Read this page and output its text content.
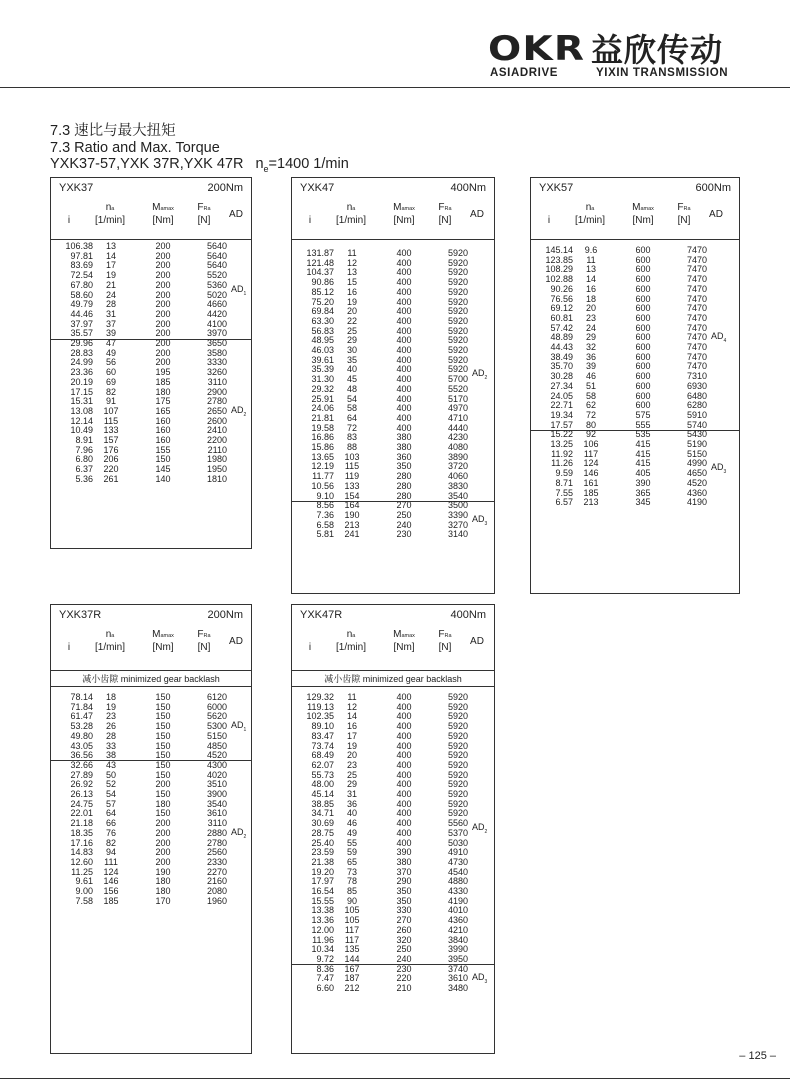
OKR 益欣传动
ASIADRIVE	YIXIN TRANSMISSION
7.3 速比与最大扭矩
7.3 Ratio and Max. Torque
YXK37-57,YXK 37R,YXK 47R $n_e=1400$ 1/min
YXK37	200Nm
i
na
[1/min]
Mamax
[Nm]
FRa
[N]
AD
106.38	13	200	5640
97.81	14	200	5640
83.69	17	200	5640
72.54	19	200	5520
67.80	21	200	5360
58.60	24	200	5020
49.79	28	200	4660
44.46	31	200	4420
37.97	37	200	4100
35.57	39	200	3970
$AD_1$
29.96	47	200	3650
28.83	49	200	3580
24.99	56	200	3330
23.36	60	195	3260
20.19	69	185	3110
17.15	82	180	2900
15.31	91	175	2780
13.08	107	165	2650
12.14	115	160	2600
10.49	133	160	2410
8.91	157	160	2200
7.96	176	155	2110
6.80	206	150	1980
6.37	220	145	1950
5.36	261	140	1810
$AD_2$
YXK47	400Nm
i
na
[1/min]
Mamax
[Nm]
FRa
[N]
AD
131.87	11	400	5920
121.48	12	400	5920
104.37	13	400	5920
90.86	15	400	5920
85.12	16	400	5920
75.20	19	400	5920
69.84	20	400	5920
63.30	22	400	5920
56.83	25	400	5920
48.95	29	400	5920
46.03	30	400	5920
39.61	35	400	5920
35.39	40	400	5920
31.30	45	400	5700
29.32	48	400	5520
25.91	54	400	5170
24.06	58	400	4970
21.81	64	400	4710
19.58	72	400	4440
16.86	83	380	4230
15.86	88	380	4080
13.65	103	360	3890
12.19	115	350	3720
11.77	119	280	4060
10.56	133	280	3830
9.10	154	280	3540
$AD_2$
8.56	164	270	3500
7.36	190	250	3390
6.58	213	240	3270
5.81	241	230	3140
$AD_3$
YXK57	600Nm
i
na
[1/min]
Mamax
[Nm]
FRa
[N]
AD
145.14	9.6	600	7470
123.85	11	600	7470
108.29	13	600	7470
102.88	14	600	7470
90.26	16	600	7470
76.56	18	600	7470
69.12	20	600	7470
60.81	23	600	7470
57.42	24	600	7470
48.89	29	600	7470
44.43	32	600	7470
38.49	36	600	7470
35.70	39	600	7470
30.28	46	600	7310
27.34	51	600	6930
24.05	58	600	6480
22.71	62	600	6280
19.34	72	575	5910
17.57	80	555	5740
$AD_4$
15.22	92	535	5430
13.25	106	415	5190
11.92	117	415	5150
11.26	124	415	4990
9.59	146	405	4650
8.71	161	390	4520
7.55	185	365	4360
6.57	213	345	4190
$AD_3$
YXK37R	200Nm
i
na
[1/min]
Mamax
[Nm]
FRa
[N]
AD
减小齿隙 minimized gear backlash
78.14	18	150	6120
71.84	19	150	6000
61.47	23	150	5620
53.28	26	150	5300
49.80	28	150	5150
43.05	33	150	4850
36.56	38	150	4520
$AD_1$
32.66	43	150	4300
27.89	50	150	4020
26.92	52	200	3510
26.13	54	150	3900
24.75	57	180	3540
22.01	64	150	3610
21.18	66	200	3110
18.35	76	200	2880
17.16	82	200	2780
14.83	94	200	2560
12.60	111	200	2330
11.25	124	190	2270
9.61	146	180	2160
9.00	156	180	2080
7.58	185	170	1960
$AD_2$
YXK47R	400Nm
i
na
[1/min]
Mamax
[Nm]
FRa
[N]
AD
减小齿隙 minimized gear backlash
129.32	11	400	5920
119.13	12	400	5920
102.35	14	400	5920
89.10	16	400	5920
83.47	17	400	5920
73.74	19	400	5920
68.49	20	400	5920
62.07	23	400	5920
55.73	25	400	5920
48.00	29	400	5920
45.14	31	400	5920
38.85	36	400	5920
34.71	40	400	5920
30.69	46	400	5560
28.75	49	400	5370
25.40	55	400	5030
23.59	59	390	4910
21.38	65	380	4730
19.20	73	370	4540
17.97	78	290	4880
16.54	85	350	4330
15.55	90	350	4190
13.38	105	330	4010
13.36	105	270	4360
12.00	117	260	4210
11.96	117	320	3840
10.34	135	250	3990
9.72	144	240	3950
$AD_2$
8.36	167	230	3740
7.47	187	220	3610
6.60	212	210	3480
$AD_3$
– 125 –
